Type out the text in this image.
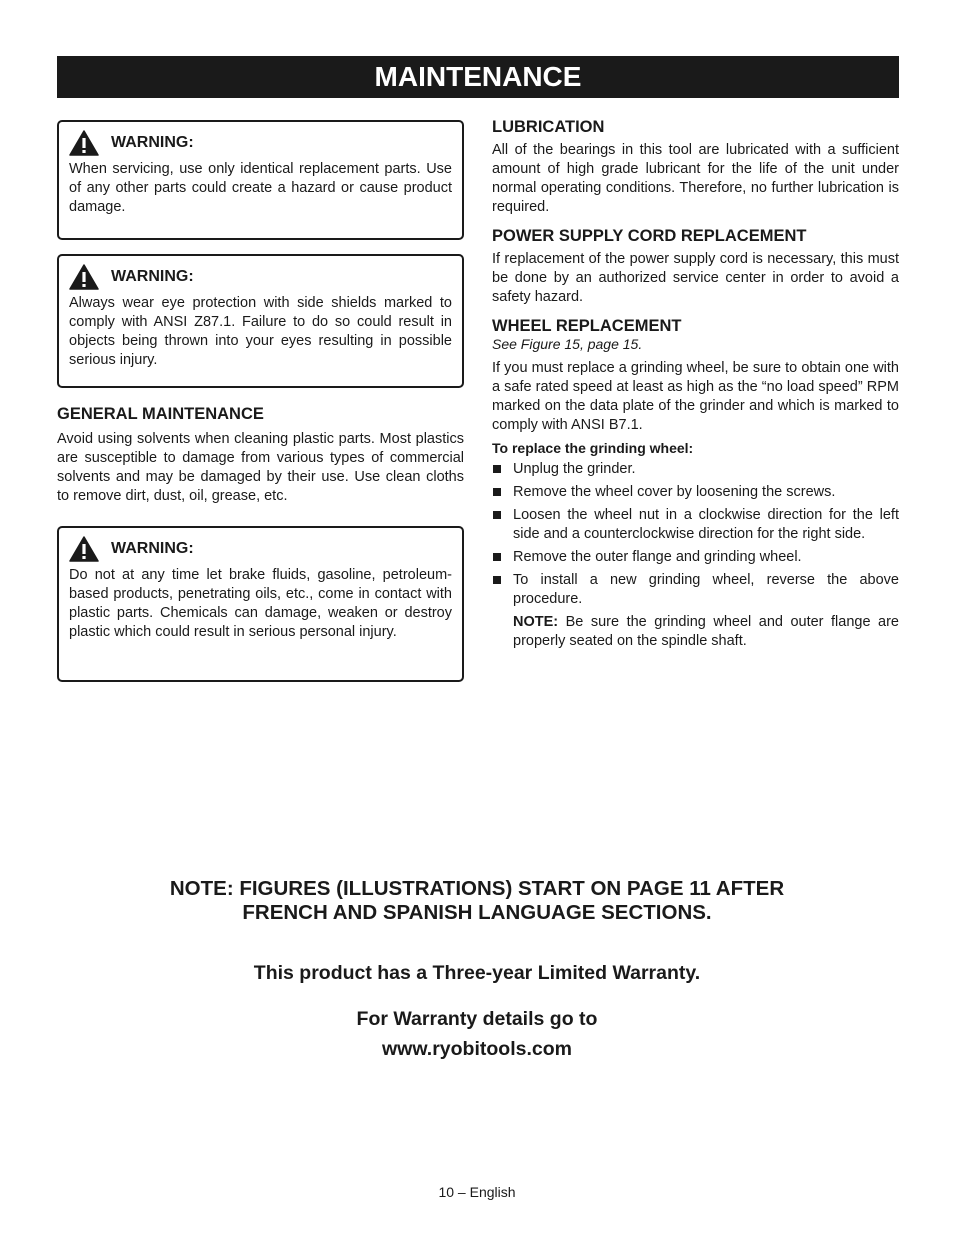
MAINTENANCE
WARNING:
When servicing, use only identical replacement parts. Use of any other parts could create a hazard or cause product damage.
WARNING:
Always wear eye protection with side shields marked to comply with ANSI Z87.1. Failure to do so could result in objects being thrown into your eyes resulting in possible serious injury.
GENERAL MAINTENANCE

Avoid using solvents when cleaning plastic parts. Most plastics are susceptible to damage from various types of commercial solvents and may be damaged by their use. Use clean cloths to remove dirt, dust, oil, grease, etc.

WARNING:
Do not at any time let brake fluids, gasoline, petroleum-based products, penetrating oils, etc., come in contact with plastic parts. Chemicals can damage, weaken or destroy plastic which could result in serious personal injury.
LUBRICATION

All of the bearings in this tool are lubricated with a sufficient amount of high grade lubricant for the life of the unit under normal operating conditions. Therefore, no further lubrication is required.

POWER SUPPLY CORD REPLACEMENT

If replacement of the power supply cord is necessary, this must be done by an authorized service center in order to avoid a safety hazard.

WHEEL REPLACEMENT

See Figure 15, page 15.

If you must replace a grinding wheel, be sure to obtain one with a safe rated speed at least as high as the “no load speed” RPM marked on the data plate of the grinder and which is marked to comply with ANSI B7.1.

To replace the grinding wheel:
Unplug the grinder.
Remove the wheel cover by loosening the screws.
Loosen the wheel nut in a clockwise direction for the left side and a counterclockwise direction for the right side.
Remove the outer flange and grinding wheel.
To install a new grinding wheel, reverse the above procedure.
NOTE: Be sure the grinding wheel and outer flange are properly seated on the spindle shaft.
NOTE: FIGURES (ILLUSTRATIONS) START ON PAGE 11 AFTER
FRENCH AND SPANISH LANGUAGE SECTIONS.
This product has a Three-year Limited Warranty.
For Warranty details go to
www.ryobitools.com
10 – English
